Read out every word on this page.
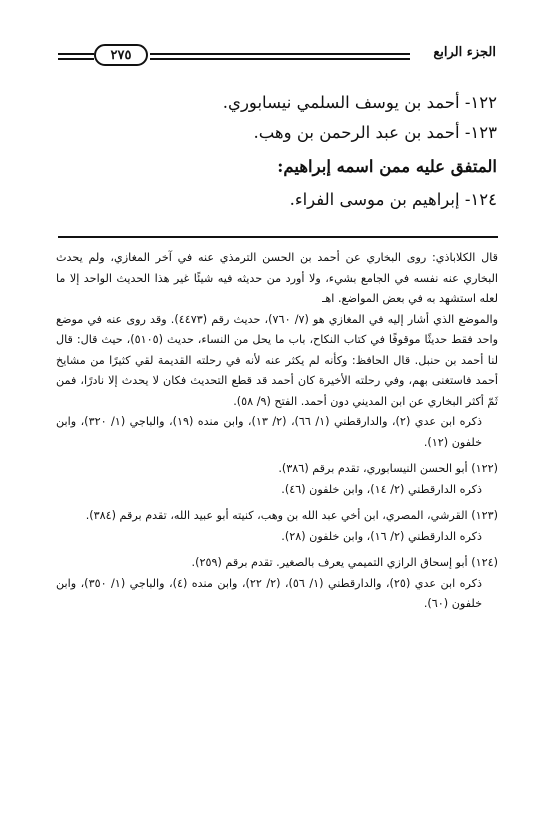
الجزء الرابع
٢٧٥

١٢٢- أحمد بن يوسف السلمي نيسابوري.

١٢٣- أحمد بن عبد الرحمن بن وهب.

المتفق عليه ممن اسمه إبراهيم:

١٢٤- إبراهيم بن موسى الفراء.

قال الكلاباذي: روى البخاري عن أحمد بن الحسن الترمذي عنه في آخر المغازي، ولم يحدث البخاري عنه نفسه في الجامع بشيء، ولا أورد من حديثه فيه شيئًا غير هذا الحديث الواحد إلا ما لعله استشهد به في بعض المواضع. اهـ

والموضع الذي أشار إليه في المغازي هو (٧/ ٧٦٠)، حديث رقم (٤٤٧٣). وقد روى عنه في موضع واحد فقط حديثًا موقوفًا في كتاب النكاح، باب ما يحل من النساء، حديث (٥١٠٥)، حيث قال: قال لنا أحمد بن حنبل. قال الحافظ: وكأنه لم يكثر عنه لأنه في رحلته القديمة لقي كثيرًا من مشايخ أحمد فاستغنى بهم، وفي رحلته الأخيرة كان أحمد قد قطع التحديث فكان لا يحدث إلا نادرًا، فمن ثَمّ أكثر البخاري عن ابن المديني دون أحمد. الفتح (٩/ ٥٨).

ذكره ابن عدي (٢)، والدارقطني (١/ ٦٦)، (٢/ ١٣)، وابن منده (١٩)، والباجي (١/ ٣٢٠)، وابن خلفون (١٢).

(١٢٢) أبو الحسن النيسابوري، تقدم برقم (٣٨٦).

ذكره الدارقطني (٢/ ١٤)، وابن خلفون (٤٦).

(١٢٣) القرشي، المصري، ابن أخي عبد الله بن وهب، كنيته أبو عبيد الله، تقدم برقم (٣٨٤).

ذكره الدارقطني (٢/ ١٦)، وابن خلفون (٢٨).

(١٢٤) أبو إسحاق الرازي التميمي يعرف بالصغير. تقدم برقم (٢٥٩).

ذكره ابن عدي (٢٥)، والدارقطني (١/ ٥٦)، (٢/ ٢٢)، وابن منده (٤)، والباجي (١/ ٣٥٠)، وابن خلفون (٦٠).
